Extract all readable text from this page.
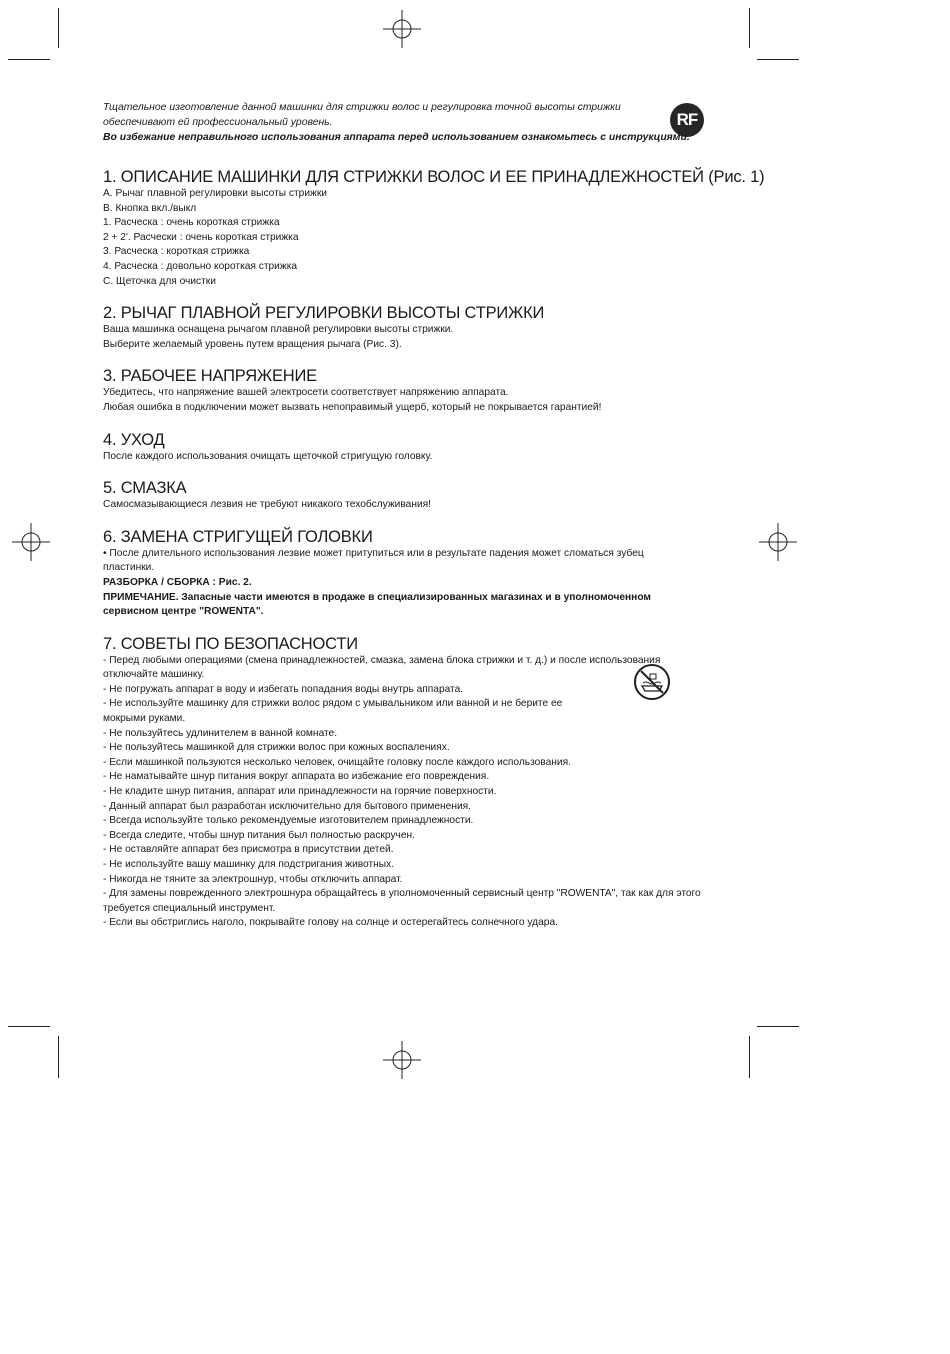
RF

Тщательное изготовление данной машинки для стрижки волос и регулировка точной высоты стрижки обеспечивают ей профессиональный уровень.

Во избежание неправильного использования аппарата перед использованием ознакомьтесь с инструкциями.

1. ОПИСАНИЕ МАШИНКИ ДЛЯ СТРИЖКИ ВОЛОС И ЕЕ ПРИНАДЛЕЖНОСТЕЙ (Рис. 1)

A. Рычаг плавной регулировки высоты стрижки

B. Кнопка вкл./выкл

1. Расческа : очень короткая стрижка

2 + 2'. Расчески : очень короткая стрижка

3. Расческа : короткая стрижка

4. Расческа : довольно короткая стрижка

C. Щеточка для очистки

2. РЫЧАГ ПЛАВНОЙ РЕГУЛИРОВКИ ВЫСОТЫ СТРИЖКИ

Ваша машинка оснащена рычагом плавной регулировки высоты стрижки.

Выберите желаемый уровень путем вращения рычага (Рис. 3).

3. РАБОЧЕЕ НАПРЯЖЕНИЕ

Убедитесь, что напряжение вашей электросети соответствует напряжению аппарата.

Любая ошибка в подключении может вызвать непоправимый ущерб, который не покрывается гарантией!

4. УХОД

После каждого использования очищать щеточкой стригущую головку.

5. СМАЗКА

Самосмазывающиеся лезвия не требуют никакого техобслуживания!

6. ЗАМЕНА СТРИГУЩЕЙ ГОЛОВКИ

• После длительного использования лезвие может притупиться или в результате падения может сломаться зубец пластинки.

РАЗБОРКА / СБОРКА : Рис. 2.

ПРИМЕЧАНИЕ. Запасные части имеются в продаже в специализированных магазинах и в уполномоченном сервисном центре "ROWENTA".

7. СОВЕТЫ ПО БЕЗОПАСНОСТИ

- Перед любыми операциями (смена принадлежностей, смазка, замена блока стрижки и т. д.) и после использования отключайте машинку.

- Не погружать аппарат в воду и избегать попадания воды внутрь аппарата.

- Не используйте машинку для стрижки волос рядом с умывальником или ванной и не берите ее мокрыми руками.

- Не пользуйтесь удлинителем в ванной комнате.

- Не пользуйтесь машинкой для стрижки волос при кожных воспалениях.

- Если машинкой пользуются несколько человек, очищайте головку после каждого использования.

- Не наматывайте шнур питания вокруг аппарата во избежание его повреждения.

- Не кладите шнур питания, аппарат или принадлежности на горячие поверхности.

- Данный аппарат был разработан исключительно для бытового применения.

- Всегда используйте только рекомендуемые изготовителем принадлежности.

- Всегда следите, чтобы шнур питания был полностью раскручен.

- Не оставляйте аппарат без присмотра в присутствии детей.

- Не используйте вашу машинку для подстригания животных.

- Никогда не тяните за электрошнур, чтобы отключить аппарат.

- Для замены поврежденного электрошнура обращайтесь в уполномоченный сервисный центр "ROWENTA", так как для этого требуется специальный инструмент.

- Если вы обстриглись наголо, покрывайте голову на солнце и остерегайтесь солнечного удара.
